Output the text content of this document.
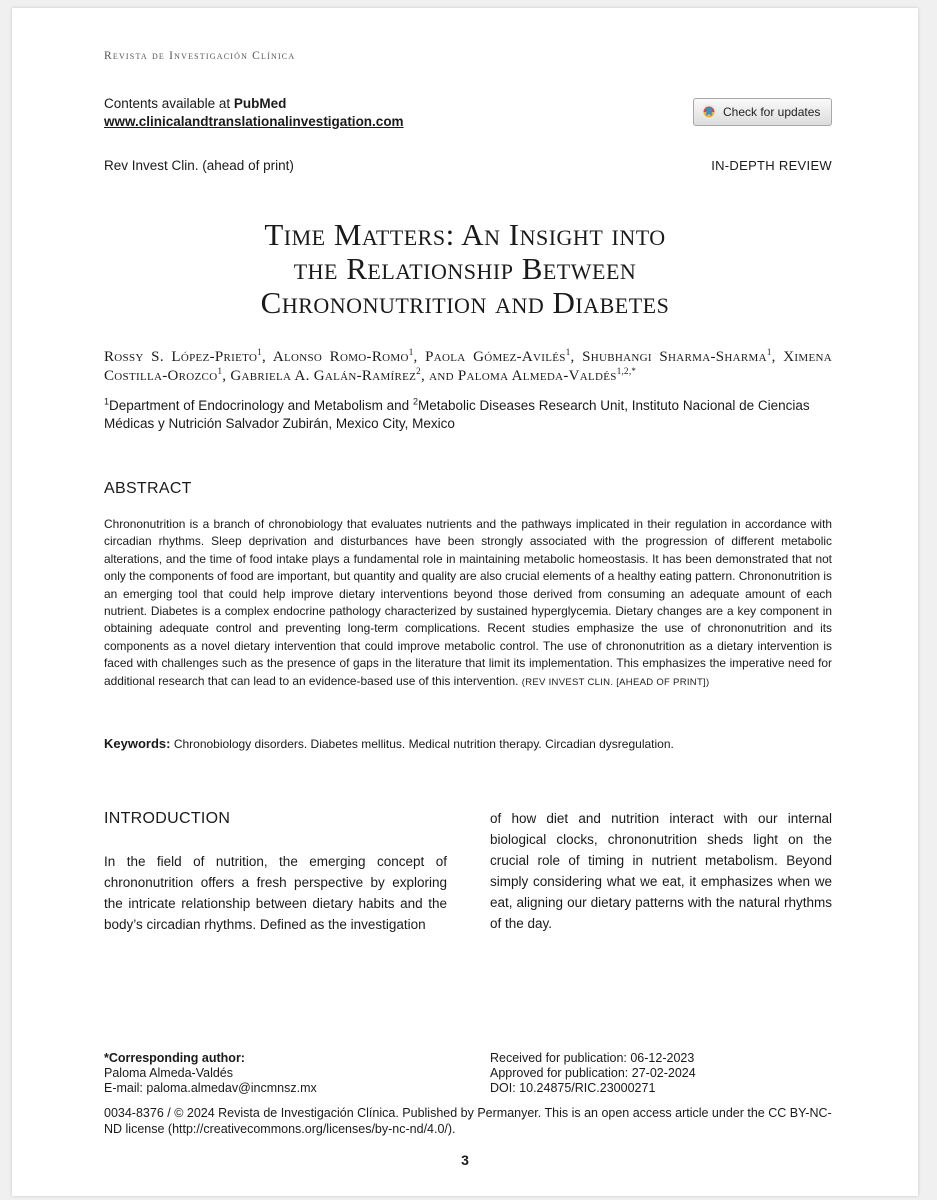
Revista de Investigación Clínica
Contents available at PubMed
www.clinicalandtranslationalinvestigation.com
Check for updates
Rev Invest Clin. (ahead of print)	IN-DEPTH REVIEW
Time Matters: An Insight into
the Relationship Between
Chrononutrition and Diabetes
Rossy S. López-Prieto$^1$, Alonso Romo-Romo$^1$, Paola Gómez-Avilés$^1$, Shubhangi Sharma-Sharma$^1$, Ximena Costilla-Orozco$^1$, Gabriela A. Galán-Ramírez$^2$, and Paloma Almeda-Valdés$^{1,2,*}$
$^1$Department of Endocrinology and Metabolism and $^2$Metabolic Diseases Research Unit, Instituto Nacional de Ciencias Médicas y Nutrición Salvador Zubirán, Mexico City, Mexico
ABSTRACT
Chrononutrition is a branch of chronobiology that evaluates nutrients and the pathways implicated in their regulation in accordance with circadian rhythms. Sleep deprivation and disturbances have been strongly associated with the progression of different metabolic alterations, and the time of food intake plays a fundamental role in maintaining metabolic homeostasis. It has been demonstrated that not only the components of food are important, but quantity and quality are also crucial elements of a healthy eating pattern. Chrononutrition is an emerging tool that could help improve dietary interventions beyond those derived from consuming an adequate amount of each nutrient. Diabetes is a complex endocrine pathology characterized by sustained hyperglycemia. Dietary changes are a key component in obtaining adequate control and preventing long-term complications. Recent studies emphasize the use of chrononutrition and its components as a novel dietary intervention that could improve metabolic control. The use of chrononutrition as a dietary intervention is faced with challenges such as the presence of gaps in the literature that limit its implementation. This emphasizes the imperative need for additional research that can lead to an evidence-based use of this intervention. (REV INVEST CLIN. [AHEAD OF PRINT])
Keywords: Chronobiology disorders. Diabetes mellitus. Medical nutrition therapy. Circadian dysregulation.
INTRODUCTION
In the field of nutrition, the emerging concept of chrononutrition offers a fresh perspective by exploring the intricate relationship between dietary habits and the body’s circadian rhythms. Defined as the investigation
of how diet and nutrition interact with our internal biological clocks, chrononutrition sheds light on the crucial role of timing in nutrient metabolism. Beyond simply considering what we eat, it emphasizes when we eat, aligning our dietary patterns with the natural rhythms of the day.
*Corresponding author:
Paloma Almeda-Valdés
E-mail: paloma.almedav@incmnsz.mx
Received for publication: 06-12-2023
Approved for publication: 27-02-2024
DOI: 10.24875/RIC.23000271
0034-8376 / © 2024 Revista de Investigación Clínica. Published by Permanyer. This is an open access article under the CC BY-NC-ND license (http://creativecommons.org/licenses/by-nc-nd/4.0/).
3
